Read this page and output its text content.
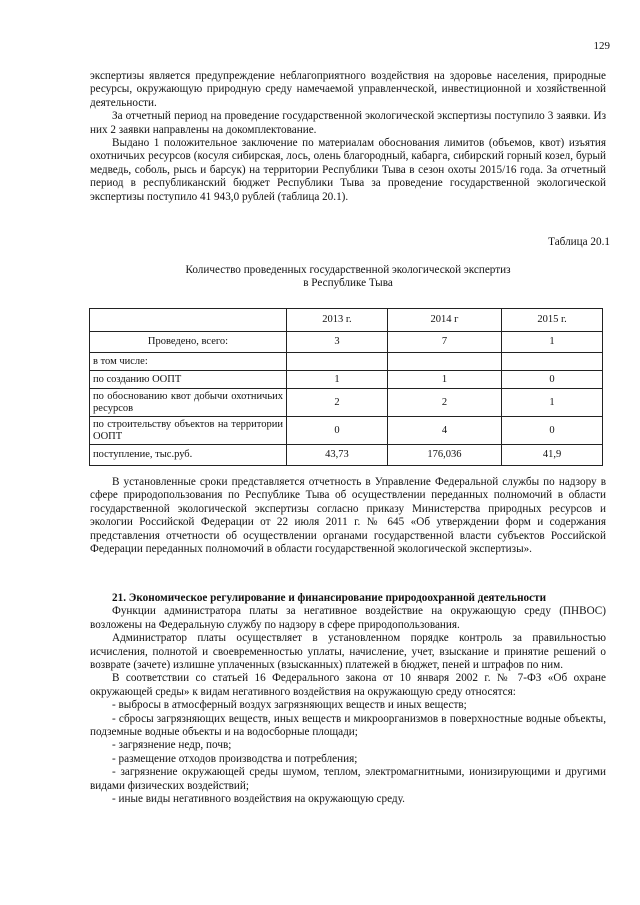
129

экспертизы является предупреждение неблагоприятного воздействия на здоровье населения, природные ресурсы, окружающую природную среду намечаемой управленческой, инвестиционной и хозяйственной деятельности.

За отчетный период на проведение государственной экологической экспертизы поступило 3 заявки. Из них 2 заявки направлены на докомплектование.

Выдано 1 положительное заключение по материалам обоснования лимитов (объемов, квот) изъятия охотничьих ресурсов (косуля сибирская, лось, олень благородный, кабарга, сибирский горный козел, бурый медведь, соболь, рысь и барсук) на территории Республики Тыва в сезон охоты 2015/16 года. За отчетный период в республиканский бюджет Республики Тыва за проведение государственной экологической экспертизы поступило 41 943,0 рублей (таблица 20.1).

Таблица 20.1
Количество проведенных государственной экологической экспертиз
в Республике Тыва
	2013 г.	2014 г	2015 г.
Проведено, всего:	3	7	1
в том числе:			
по созданию ООПТ	1	1	0
по обоснованию квот добычи охотничьих ресурсов	2	2	1
по строительству объектов на территории ООПТ	0	4	0
поступление, тыс.руб.	43,73	176,036	41,9

В установленные сроки представляется отчетность в Управление Федеральной службы по надзору в сфере природопользования по Республике Тыва об осуществлении переданных полномочий в области государственной экологической экспертизы согласно приказу Министерства природных ресурсов и экологии Российской Федерации от 22 июля 2011 г. № 645 «Об утверждении форм и содержания представления отчетности об осуществлении органами государственной власти субъектов Российской Федерации переданных полномочий в области государственной экологической экспертизы».

21. Экономическое регулирование и финансирование природоохранной деятельности

Функции администратора платы за негативное воздействие на окружающую среду (ПНВОС) возложены на Федеральную службу по надзору в сфере природопользования.

Администратор платы осуществляет в установленном порядке контроль за правильностью исчисления, полнотой и своевременностью уплаты, начисление, учет, взыскание и принятие решений о возврате (зачете) излишне уплаченных (взысканных) платежей в бюджет, пеней и штрафов по ним.

В соответствии со статьей 16 Федерального закона от 10 января 2002 г. № 7-ФЗ «Об охране окружающей среды» к видам негативного воздействия на окружающую среду относятся:

- выбросы в атмосферный воздух загрязняющих веществ и иных веществ;

- сбросы загрязняющих веществ, иных веществ и микроорганизмов в поверхностные водные объекты, подземные водные объекты и на водосборные площади;

- загрязнение недр, почв;

- размещение отходов производства и потребления;

- загрязнение окружающей среды шумом, теплом, электромагнитными, ионизирующими и другими видами физических воздействий;

- иные виды негативного воздействия на окружающую среду.
